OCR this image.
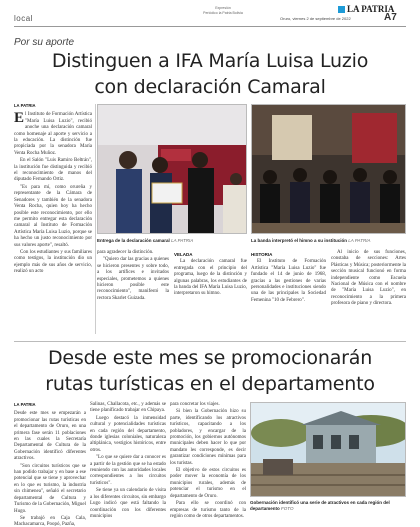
local
Expresión
Periódico la Patria Bolivia	LA PATRIA
Oruro, viernes 2 de septiembre de 2022	A7
Por su aporte
Distinguen a IFA María Luisa Luzio
con declaración Camaral
LA PATRIA

El Instituto de Formación Artística "María Luisa Luzio", recibió anoche una declaración camaral como homenaje al aporte y servicio a la educación. La distinción fue propiciada por la senadora María Venta Rocha Muñoz.

En el Salón "Luis Ramiro Beltrán", la institución fue distinguida y recibió el reconocimiento de manos del diputado Fernando Ortiz.

"Es para mí, como orureña y representante de la Cámara de Senadores y también de la senadora Venta Rocha, quien hoy ha hecho posible este reconocimiento, por ello me permito entregar esta declaración camaral al Instituto de Formación Artística María Luisa Luzio, porque se ha hecho un justo reconocimiento por sus valores aporte", resaltó.

Con los estudiantes y sus familiares como testigos, la institución dio un ejemplo más de sus años de servicio, realizó un acto

Entrega de la declaración camaral LA PATRIA	La banda interpretó el himno a su institución LA PATRIA

para agradecer la distinción.

"Quiero dar las gracias a quienes se hicieron presentes y sobre todo, a los artífices e invitados especiales, prometemos a quienes hicieron posible este reconocimiento", manifestó la rectora Skarlet Guizada.

VELADA

La declaración camaral fue entregada con el principio del programa, luego de la distinción y algunas palabras, los estudiantes de la banda del IFA María Luisa Luzio, interpretaron su himno.

HISTORIA

El Instituto de Formación Artística "María Luisa Luzio" fue fundado el 14 de junio de 1968, gracias a las gestiones de varias personalidades e instituciones siendo una de las principales la Sociedad Femenina "10 de Febrero".

Al inicio de sus funciones, constaba de secciones: Artes Plásticas y Música; posteriormente la sección musical funcionó en forma independiente como Escuela Nacional de Música con el nombre de "María Luisa Luzio", en reconocimiento a la primera profesora de piano y directora.

Desde este mes se promocionarán
rutas turísticas en el departamento
LA PATRIA

Desde este mes se empezarán a promocionar las rutas turísticas en el departamento de Oruro, en una primera fase serán 11 poblaciones en las cuales la Secretaría Departamental de Cultura de la Gobernación identificó diferentes atractivos.

"Son circuitos turísticos que se han podido trabajar y en base a ese potencial que se tiene y aprovechar en lo que es turismo, la industria sin chimenea", señaló el secretario departamental de Cultura y Turismo de la Gobernación, Miguel Hugo.

Se trabajó en Caja Cala, Machacamarca, Poopó, Pazña,

Salinas, Challacota, etc., y además se tiene planificado trabajar en Chipaya.

Luego destacó la inmensidad cultural y potencialidades turísticas en cada región del departamento, donde iglesias coloniales, naturaleza altiplánica, vestigios históricos, entre otros.

"Lo que se quiere dar a conocer es a partir de la gestión que se ha estado reuniendo con las autoridades locales correspondientes a los circuitos turísticos".

Se tiene ya un calendario de visita a los diferentes circuitos, sin embargo Lugo indicó que está faltando la coordinación con los diferentes municipios

para concretar los viajes.

Si bien la Gobernación hizo su parte, identificando los atractivos turísticos, capacitando a los pobladores, y encargar de la promoción, los gobiernos autónomos municipales deben hacer lo que por mandato les corresponde, es decir garantizar condiciones mínimas para los turistas.

El objetivo de estos circuitos es poder mover la economía de los municipios rurales, además de potenciar el turismo en el departamento de Oruro.

Para ello se coordinó con empresas de turismo tanto de la región como de otros departamentos.

Gobernación identificó una serie de atractivos en cada región del departamento FOTO
